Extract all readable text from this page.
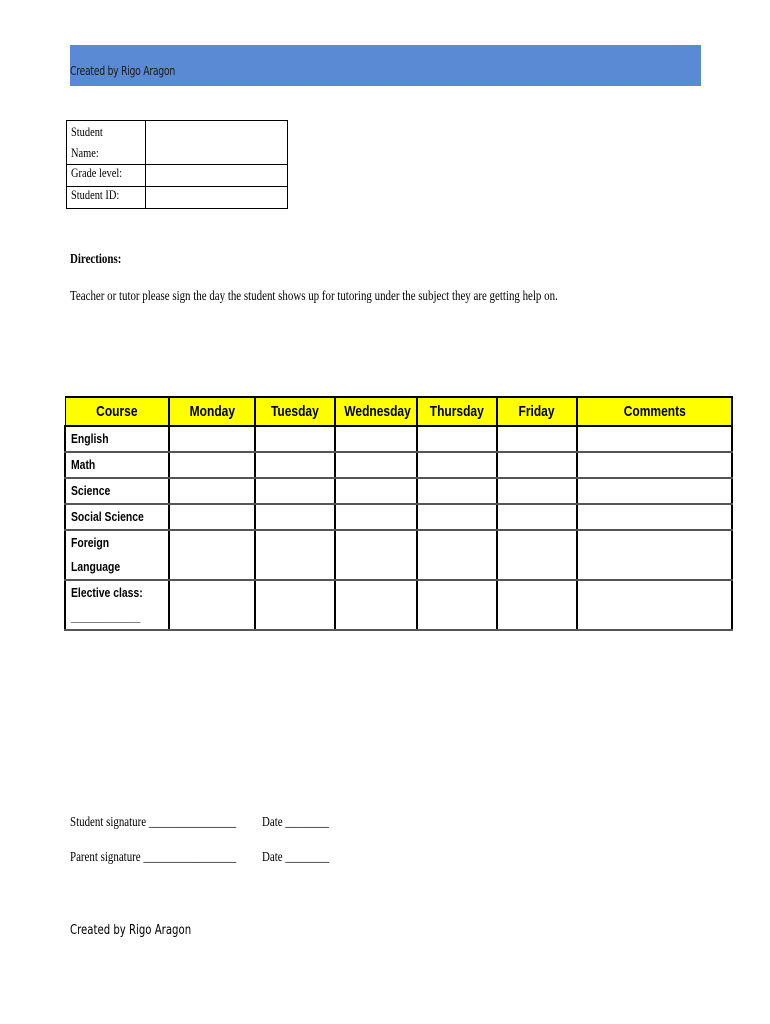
Created by Rigo Aragon
Student Name:	
Grade level:	
Student ID:	
Directions:
Teacher or tutor please sign the day the student shows up for tutoring under the subject they are getting help on.
Course	Monday	Tuesday	Wednesday	Thursday	Friday	Comments
English						
Math						
Science						
Social Science						
Foreign Language						
Elective class: ____________						
Student signature ________________ Date ________
Parent signature _________________ Date ________
Created by Rigo Aragon
